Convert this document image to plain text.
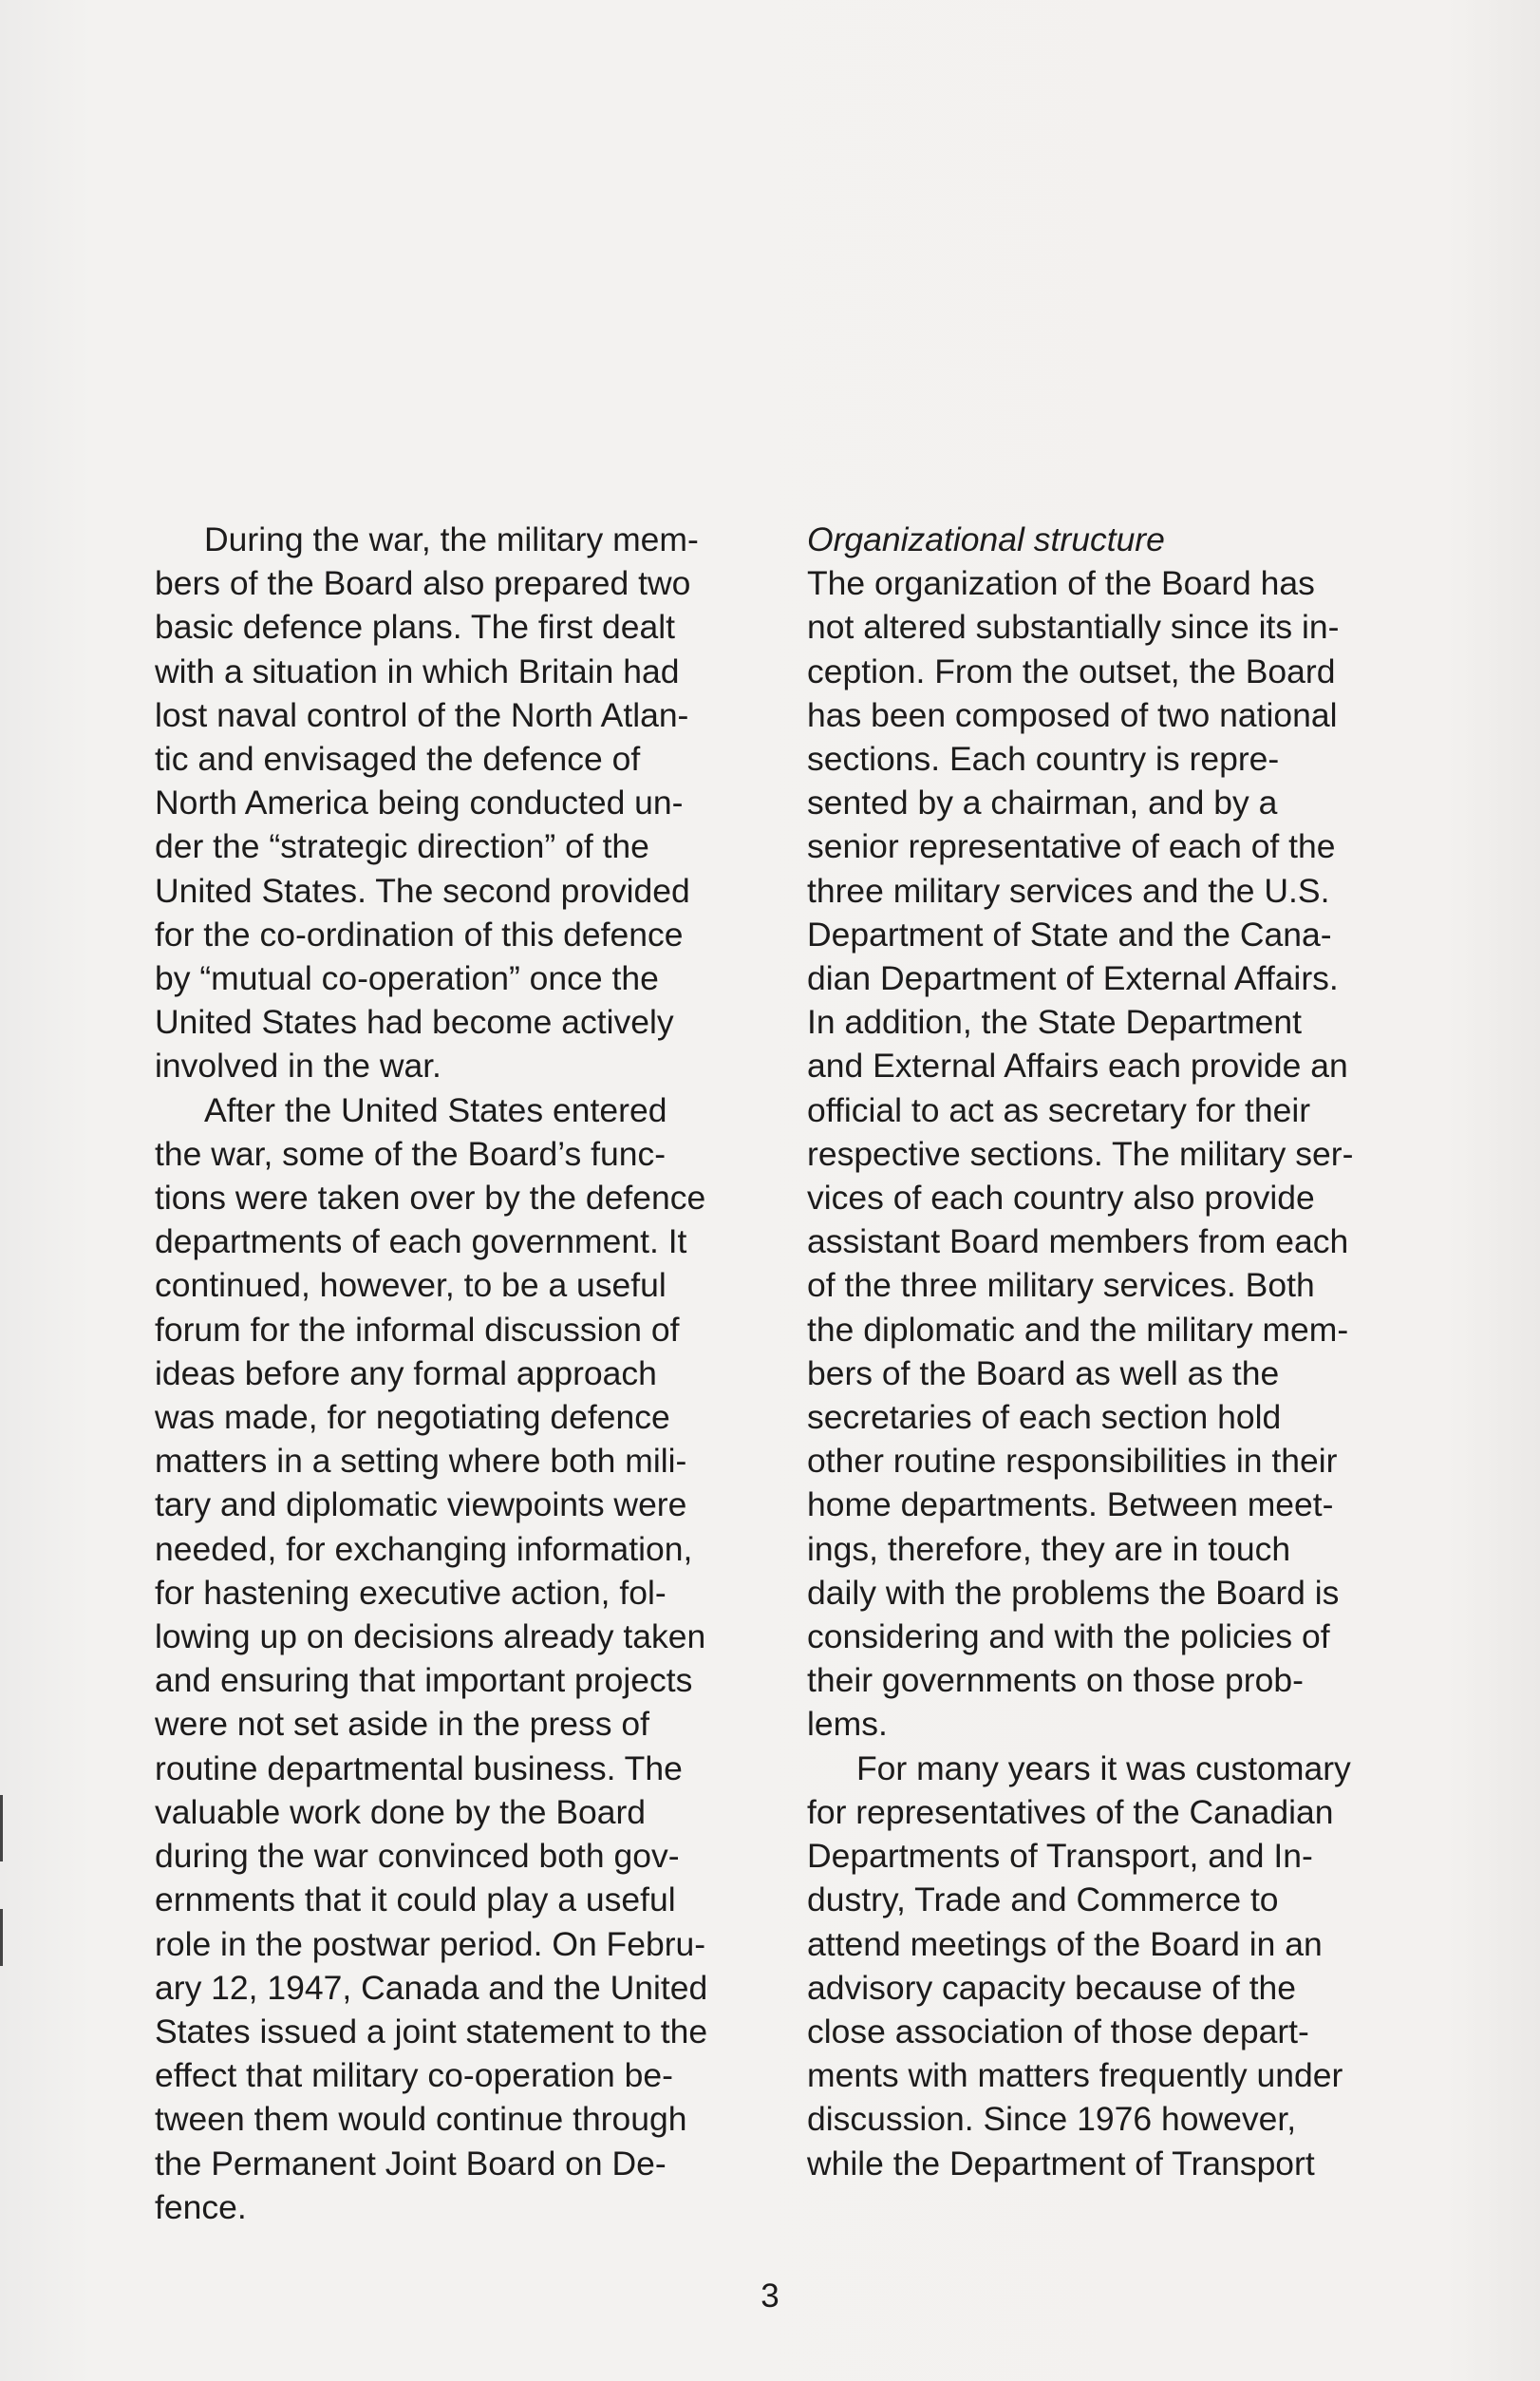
During the war, the military mem-
bers of the Board also prepared two
basic defence plans. The first dealt
with a situation in which Britain had
lost naval control of the North Atlan-
tic and envisaged the defence of
North America being conducted un-
der the “strategic direction” of the
United States. The second provided
for the co-ordination of this defence
by “mutual co-operation” once the
United States had become actively
involved in the war.

After the United States entered
the war, some of the Board’s func-
tions were taken over by the defence
departments of each government. It
continued, however, to be a useful
forum for the informal discussion of
ideas before any formal approach
was made, for negotiating defence
matters in a setting where both mili-
tary and diplomatic viewpoints were
needed, for exchanging information,
for hastening executive action, fol-
lowing up on decisions already taken
and ensuring that important projects
were not set aside in the press of
routine departmental business. The
valuable work done by the Board
during the war convinced both gov-
ernments that it could play a useful
role in the postwar period. On Febru-
ary 12, 1947, Canada and the United
States issued a joint statement to the
effect that military co-operation be-
tween them would continue through
the Permanent Joint Board on De-
fence.

Organizational structure

The organization of the Board has
not altered substantially since its in-
ception. From the outset, the Board
has been composed of two national
sections. Each country is repre-
sented by a chairman, and by a
senior representative of each of the
three military services and the U.S.
Department of State and the Cana-
dian Department of External Affairs.
In addition, the State Department
and External Affairs each provide an
official to act as secretary for their
respective sections. The military ser-
vices of each country also provide
assistant Board members from each
of the three military services. Both
the diplomatic and the military mem-
bers of the Board as well as the
secretaries of each section hold
other routine responsibilities in their
home departments. Between meet-
ings, therefore, they are in touch
daily with the problems the Board is
considering and with the policies of
their governments on those prob-
lems.

For many years it was customary
for representatives of the Canadian
Departments of Transport, and In-
dustry, Trade and Commerce to
attend meetings of the Board in an
advisory capacity because of the
close association of those depart-
ments with matters frequently under
discussion. Since 1976 however,
while the Department of Transport

3
